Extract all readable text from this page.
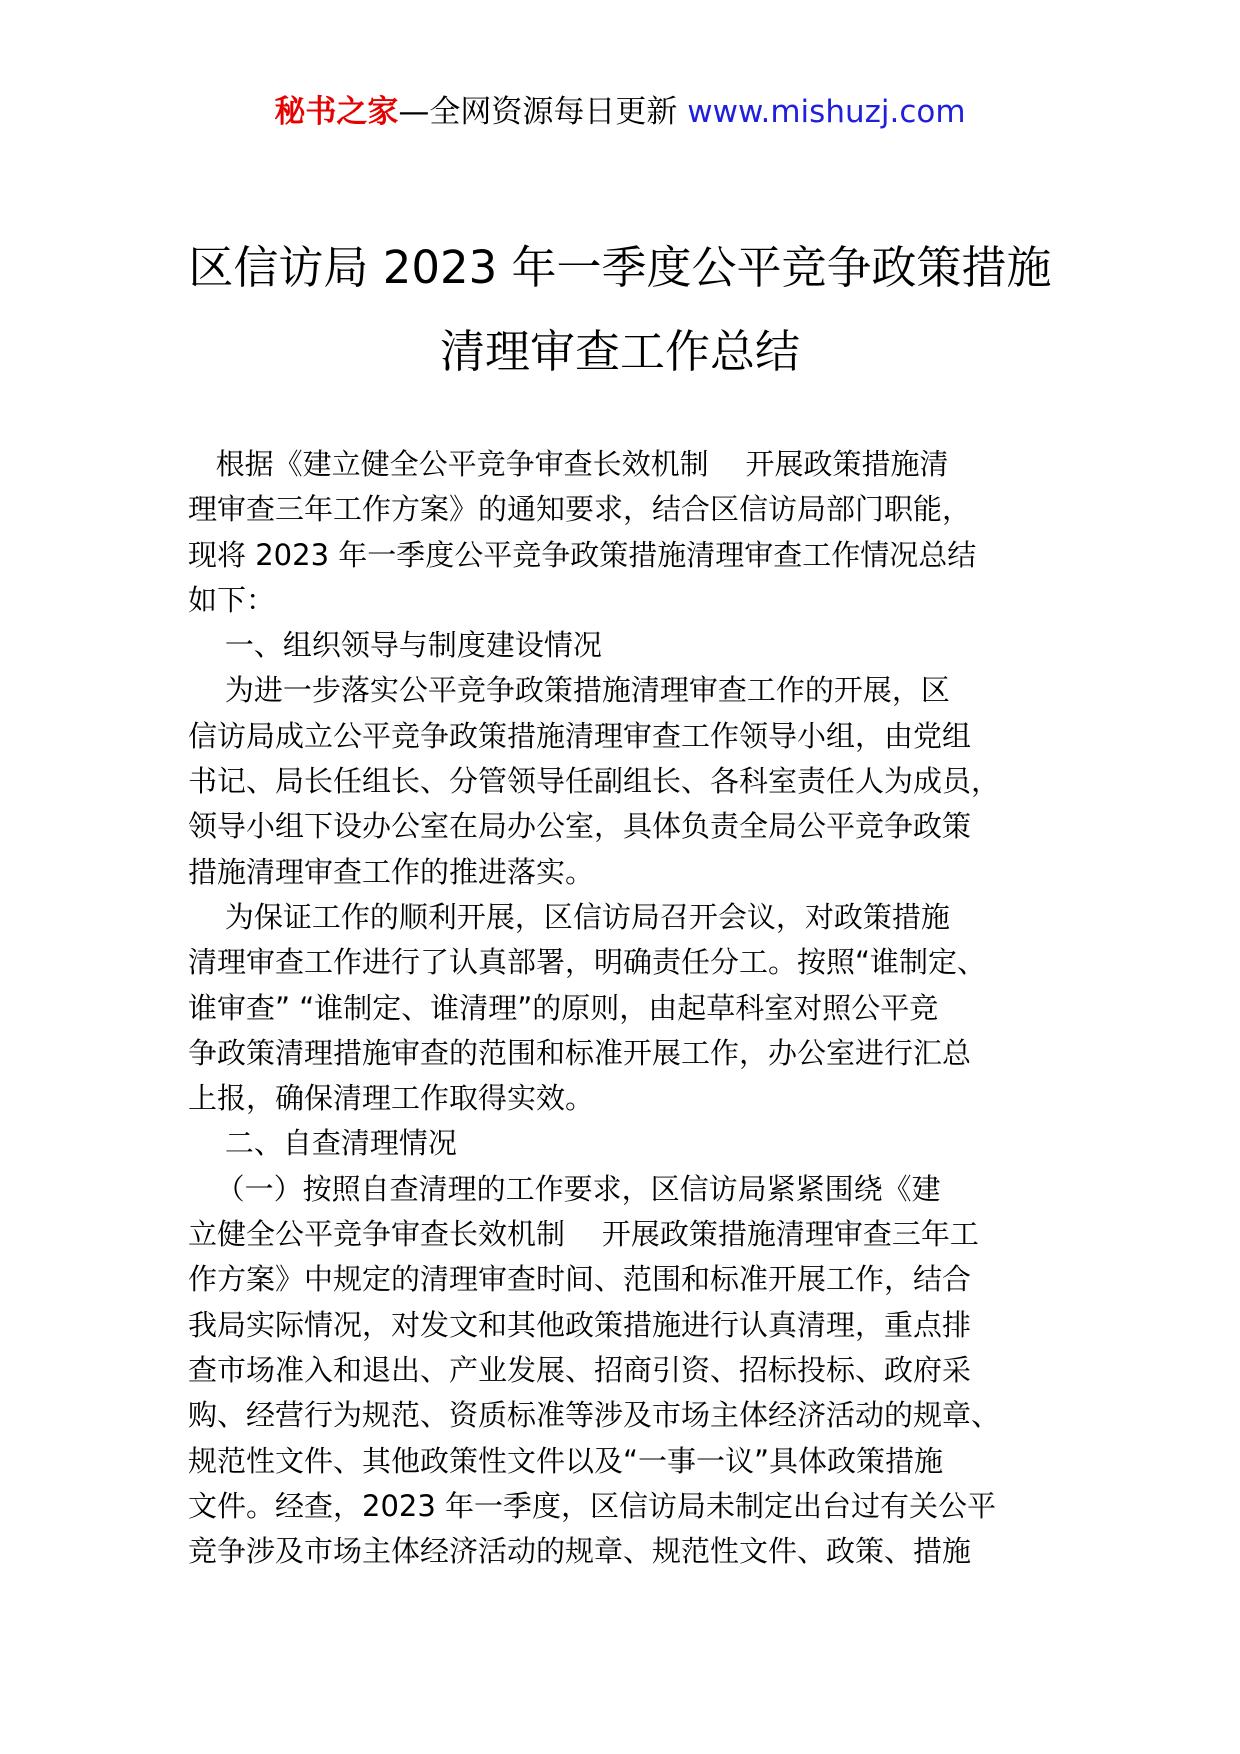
秘书之家—全网资源每日更新 www.mishuzj.com
区信访局 2023 年一季度公平竞争政策措施
清理审查工作总结
根据《建立健全公平竞争审查长效机制    开展政策措施清
理审查三年工作方案》的通知要求，结合区信访局部门职能，
现将 2023 年一季度公平竞争政策措施清理审查工作情况总结
如下：
一、组织领导与制度建设情况
为进一步落实公平竞争政策措施清理审查工作的开展，区
信访局成立公平竞争政策措施清理审查工作领导小组，由党组
书记、局长任组长、分管领导任副组长、各科室责任人为成员，
领导小组下设办公室在局办公室，具体负责全局公平竞争政策
措施清理审查工作的推进落实。
为保证工作的顺利开展，区信访局召开会议，对政策措施
清理审查工作进行了认真部署，明确责任分工。按照“谁制定、
谁审查” “谁制定、谁清理”的原则，由起草科室对照公平竞
争政策清理措施审查的范围和标准开展工作，办公室进行汇总
上报，确保清理工作取得实效。
二、自查清理情况
（一）按照自查清理的工作要求，区信访局紧紧围绕《建
立健全公平竞争审查长效机制    开展政策措施清理审查三年工
作方案》中规定的清理审查时间、范围和标准开展工作，结合
我局实际情况，对发文和其他政策措施进行认真清理，重点排
查市场准入和退出、产业发展、招商引资、招标投标、政府采
购、经营行为规范、资质标准等涉及市场主体经济活动的规章、
规范性文件、其他政策性文件以及“一事一议”具体政策措施
文件。经查，2023 年一季度，区信访局未制定出台过有关公平
竞争涉及市场主体经济活动的规章、规范性文件、政策、措施
